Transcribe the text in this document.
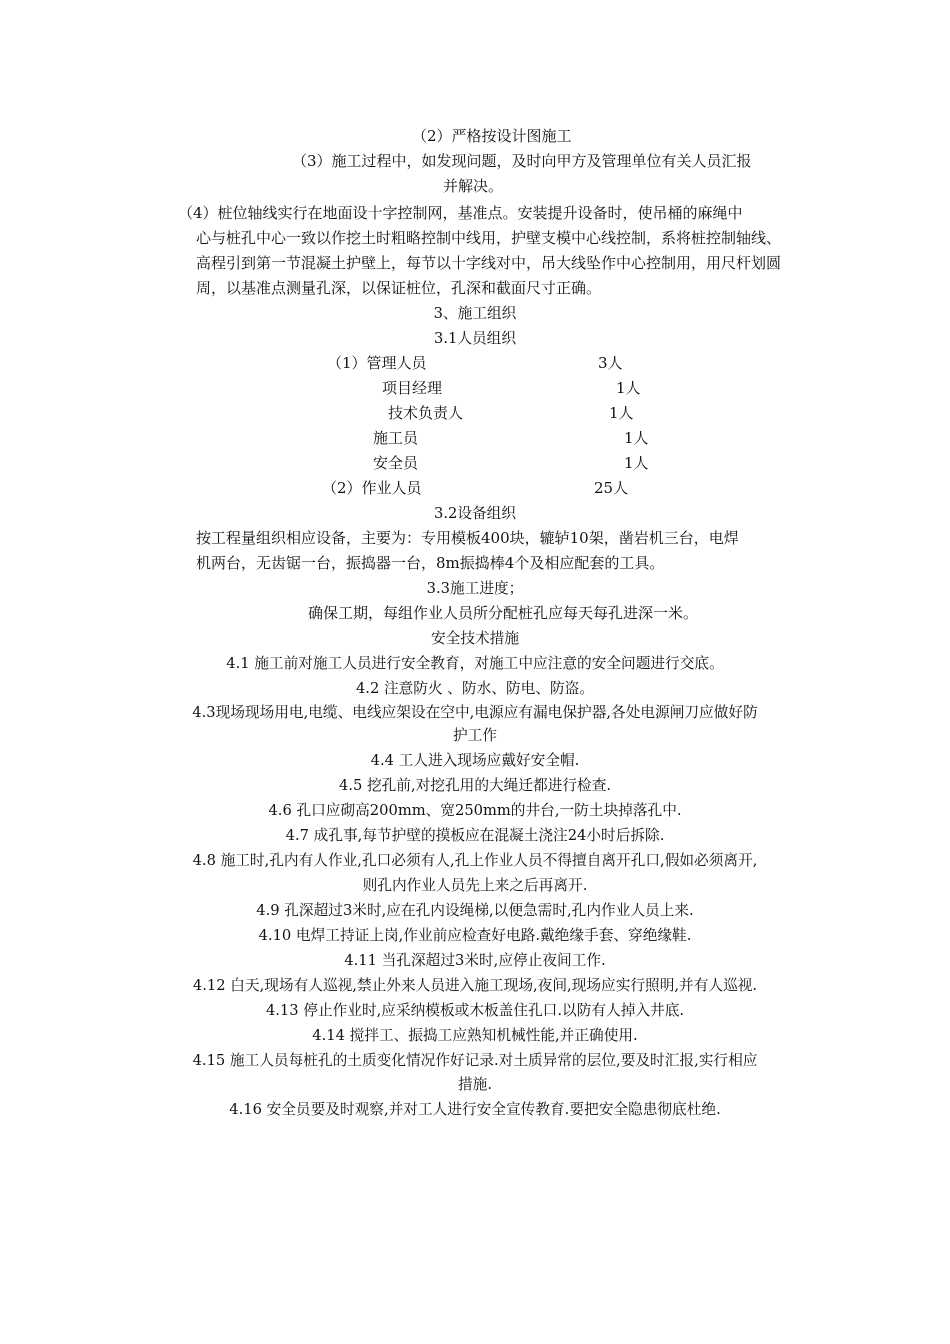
（2）严格按设计图施工
（3）施工过程中，如发现问题，及时向甲方及管理单位有关人员汇报
并解决。
（4）桩位轴线实行在地面设十字控制网，基准点。安装提升设备时，使吊桶的麻绳中
心与桩孔中心一致以作挖土时粗略控制中线用，护壁支模中心线控制，系将桩控制轴线、
高程引到第一节混凝土护壁上，每节以十字线对中，吊大线坠作中心控制用，用尺杆划圆
周，以基准点测量孔深，以保证桩位，孔深和截面尺寸正确。
3、施工组织
3.1人员组织
（1）管理人员	3人
项目经理	1人
技术负责人	1人
施工员	1人
安全员	1人
（2）作业人员	25人
3.2设备组织
按工程量组织相应设备，主要为：专用模板400块，辘轳10架，凿岩机三台，电焊
机两台，无齿锯一台，振捣器一台，8m振捣棒4个及相应配套的工具。
3.3施工进度；
确保工期，每组作业人员所分配桩孔应每天每孔进深一米。
安全技术措施
4.1 施工前对施工人员进行安全教育，对施工中应注意的安全问题进行交底。
4.2 注意防火 、防水、防电、防盗。
4.3现场现场用电,电缆、电线应架设在空中,电源应有漏电保护器,各处电源闸刀应做好防
护工作
4.4 工人进入现场应戴好安全帽.
4.5 挖孔前,对挖孔用的大绳迁都进行检查.
4.6 孔口应砌高200mm、宽250mm的井台,一防土块掉落孔中.
4.7 成孔事,每节护壁的摸板应在混凝土浇注24小时后拆除.
4.8 施工时,孔内有人作业,孔口必须有人,孔上作业人员不得擅自离开孔口,假如必须离开,
则孔内作业人员先上来之后再离开.
4.9 孔深超过3米时,应在孔内设绳梯,以便急需时,孔内作业人员上来.
4.10 电焊工持证上岗,作业前应检查好电路.戴绝缘手套、穿绝缘鞋.
4.11 当孔深超过3米时,应停止夜间工作.
4.12 白天,现场有人巡视,禁止外来人员进入施工现场,夜间,现场应实行照明,并有人巡视.
4.13 停止作业时,应采纳模板或木板盖住孔口.以防有人掉入井底.
4.14 搅拌工、振捣工应熟知机械性能,并正确使用.
4.15 施工人员每桩孔的土质变化情况作好记录.对土质异常的层位,要及时汇报,实行相应
措施.
4.16 安全员要及时观察,并对工人进行安全宣传教育.要把安全隐患彻底杜绝.
